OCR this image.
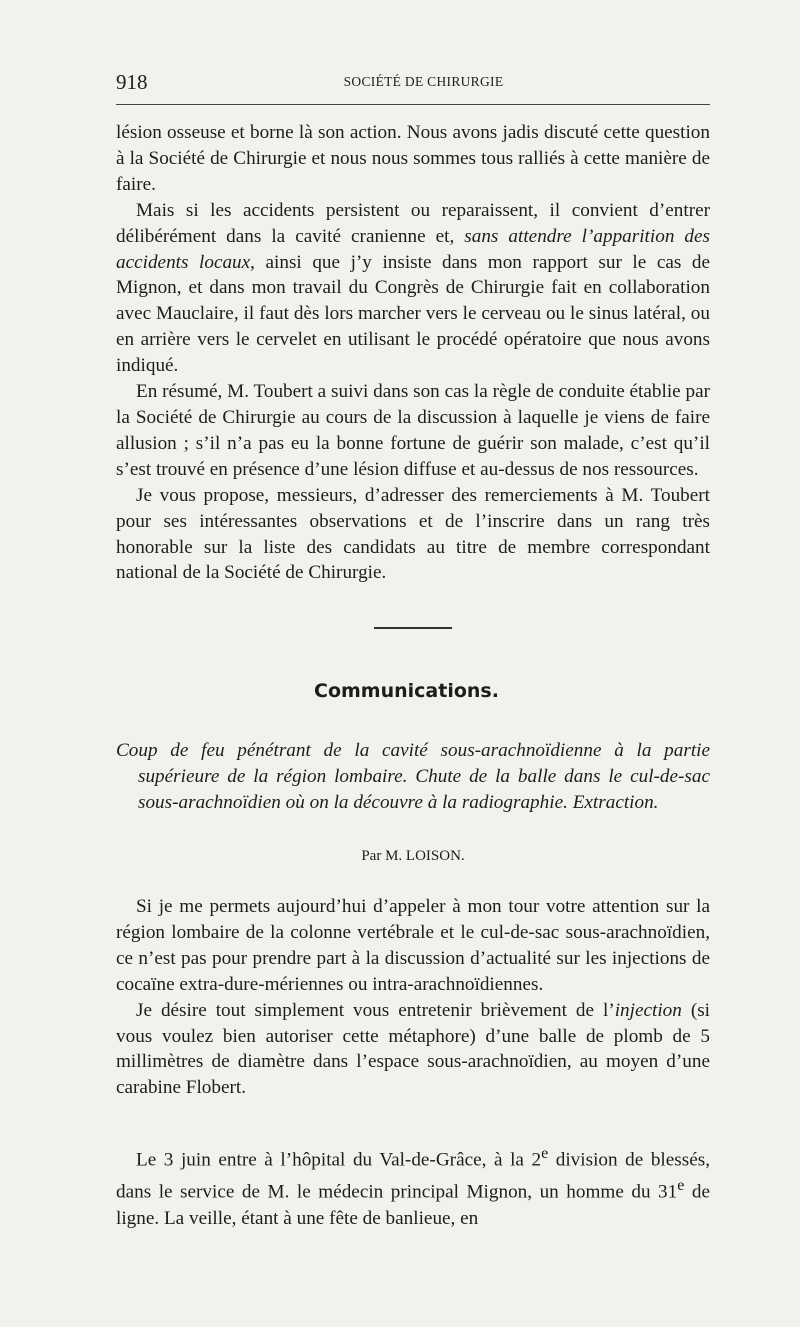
918	SOCIÉTÉ DE CHIRURGIE

lésion osseuse et borne là son action. Nous avons jadis discuté cette question à la Société de Chirurgie et nous nous sommes tous ralliés à cette manière de faire.

Mais si les accidents persistent ou reparaissent, il convient d’entrer délibérément dans la cavité cranienne et, sans attendre l’apparition des accidents locaux, ainsi que j’y insiste dans mon rapport sur le cas de Mignon, et dans mon travail du Congrès de Chirurgie fait en collaboration avec Mauclaire, il faut dès lors marcher vers le cerveau ou le sinus latéral, ou en arrière vers le cervelet en utilisant le procédé opératoire que nous avons indiqué.

En résumé, M. Toubert a suivi dans son cas la règle de conduite établie par la Société de Chirurgie au cours de la discussion à laquelle je viens de faire allusion ; s’il n’a pas eu la bonne fortune de guérir son malade, c’est qu’il s’est trouvé en présence d’une lésion diffuse et au-dessus de nos ressources.

Je vous propose, messieurs, d’adresser des remerciements à M. Toubert pour ses intéressantes observations et de l’inscrire dans un rang très honorable sur la liste des candidats au titre de membre correspondant national de la Société de Chirurgie.

Communications.
Coup de feu pénétrant de la cavité sous-arachnoïdienne à la partie supérieure de la région lombaire. Chute de la balle dans le cul-de-sac sous-arachnoïdien où on la découvre à la radiographie. Extraction.
Par M. LOISON.

Si je me permets aujourd’hui d’appeler à mon tour votre attention sur la région lombaire de la colonne vertébrale et le cul-de-sac sous-arachnoïdien, ce n’est pas pour prendre part à la discussion d’actualité sur les injections de cocaïne extra-dure-mériennes ou intra-arachnoïdiennes.

Je désire tout simplement vous entretenir brièvement de l’injection (si vous voulez bien autoriser cette métaphore) d’une balle de plomb de 5 millimètres de diamètre dans l’espace sous-arachnoïdien, au moyen d’une carabine Flobert.

Le 3 juin entre à l’hôpital du Val-de-Grâce, à la 2e division de blessés, dans le service de M. le médecin principal Mignon, un homme du 31e de ligne. La veille, étant à une fête de banlieue, en
